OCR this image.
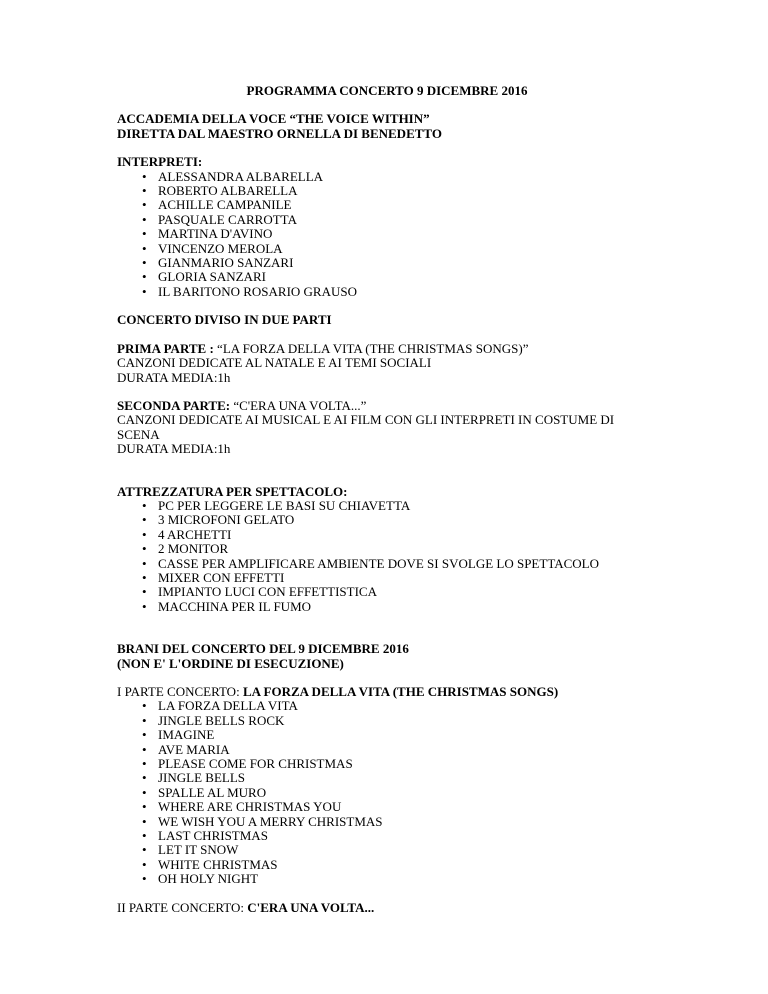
PROGRAMMA CONCERTO 9 DICEMBRE 2016

ACCADEMIA DELLA VOCE “THE VOICE WITHIN”

DIRETTA DAL MAESTRO ORNELLA DI BENEDETTO

INTERPRETI:

• ALESSANDRA ALBARELLA
• ROBERTO ALBARELLA
• ACHILLE CAMPANILE
• PASQUALE CARROTTA
• MARTINA D'AVINO
• VINCENZO MEROLA
• GIANMARIO SANZARI
• GLORIA SANZARI
• IL BARITONO ROSARIO GRAUSO

CONCERTO DIVISO IN DUE PARTI

PRIMA PARTE : “LA FORZA DELLA VITA (THE CHRISTMAS SONGS)”

CANZONI DEDICATE AL NATALE E AI TEMI SOCIALI

DURATA MEDIA:1h

SECONDA PARTE: “C'ERA UNA VOLTA...”

CANZONI DEDICATE AI MUSICAL E AI FILM CON GLI INTERPRETI IN COSTUME DI SCENA

DURATA MEDIA:1h

ATTREZZATURA PER SPETTACOLO:

• PC PER LEGGERE LE BASI SU CHIAVETTA
• 3 MICROFONI GELATO
• 4 ARCHETTI
• 2 MONITOR
• CASSE PER AMPLIFICARE AMBIENTE DOVE SI SVOLGE LO SPETTACOLO
• MIXER CON EFFETTI
• IMPIANTO LUCI CON EFFETTISTICA
• MACCHINA PER IL FUMO

BRANI DEL CONCERTO DEL 9 DICEMBRE 2016

(NON E' L'ORDINE DI ESECUZIONE)

I PARTE CONCERTO: LA FORZA DELLA VITA (THE CHRISTMAS SONGS)

• LA FORZA DELLA VITA
• JINGLE BELLS ROCK
• IMAGINE
• AVE MARIA
• PLEASE COME FOR CHRISTMAS
• JINGLE BELLS
• SPALLE AL MURO
• WHERE ARE CHRISTMAS YOU
• WE WISH YOU A MERRY CHRISTMAS
• LAST CHRISTMAS
• LET IT SNOW
• WHITE CHRISTMAS
• OH HOLY NIGHT

II PARTE CONCERTO: C'ERA UNA VOLTA...
